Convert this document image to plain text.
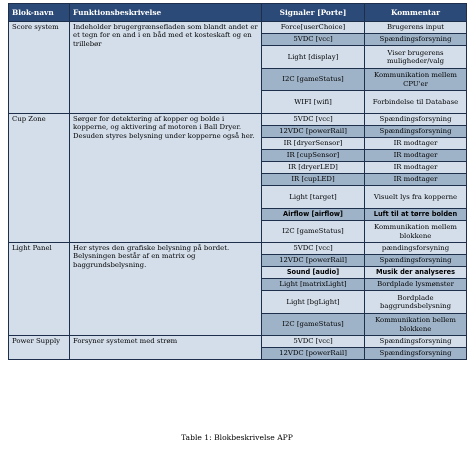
Blok-navn	Funktionsbeskrivelse	Signaler [Porte]	Kommentar
Score system	Indeholder brugergrænsefladen som blandt andet er et tegn for en and i en båd med et kosteskaft og en trillebør	Force[userChoice]	Brugerens input
		5VDC [vcc]	Spændingsforsyning
		Light [display]	Viser brugerens muligheder/valg
		I2C [gameStatus]	Kommunikation mellem CPU'er
		WIFI [wifi]	Forbindelse til Database
Cup Zone	Sørger for detektering af kopper og bolde i kopperne, og aktivering af motoren i Ball Dryer. Desuden styres belysning under kopperne også her.	5VDC [vcc]	Spændingsforsyning
		12VDC [powerRail]	Spændingsforsyning
		IR [dryerSensor]	IR modtager
		IR [cupSensor]	IR modtager
		IR [dryerLED]	IR modtager
		IR [cupLED]	IR modtager
		Light [target]	Visuelt lys fra kopperne
		Airflow [airflow]	Luft til at tørre bolden
		I2C [gameStatus]	Kommunikation mellem blokkene
Light Panel	Her styres den grafiske belysning på bordet. Belysningen består af en matrix og baggrundsbelysning.	5VDC [vcc]	pændingsforsyning
		12VDC [powerRail]	Spændingsforsyning
		Sound [audio]	Musik der analyseres
		Light [matrixLight]	Bordplade lysmønster
		Light [bgLight]	Bordplade baggrundsbelysning
		I2C [gameStatus]	Kommunikation bellem blokkene
Power Supply	Forsyner systemet med strøm	5VDC [vcc]	Spændingsforsyning
		12VDC [powerRail]	Spændingsforsyning
Table 1: Blokbeskrivelse APP
